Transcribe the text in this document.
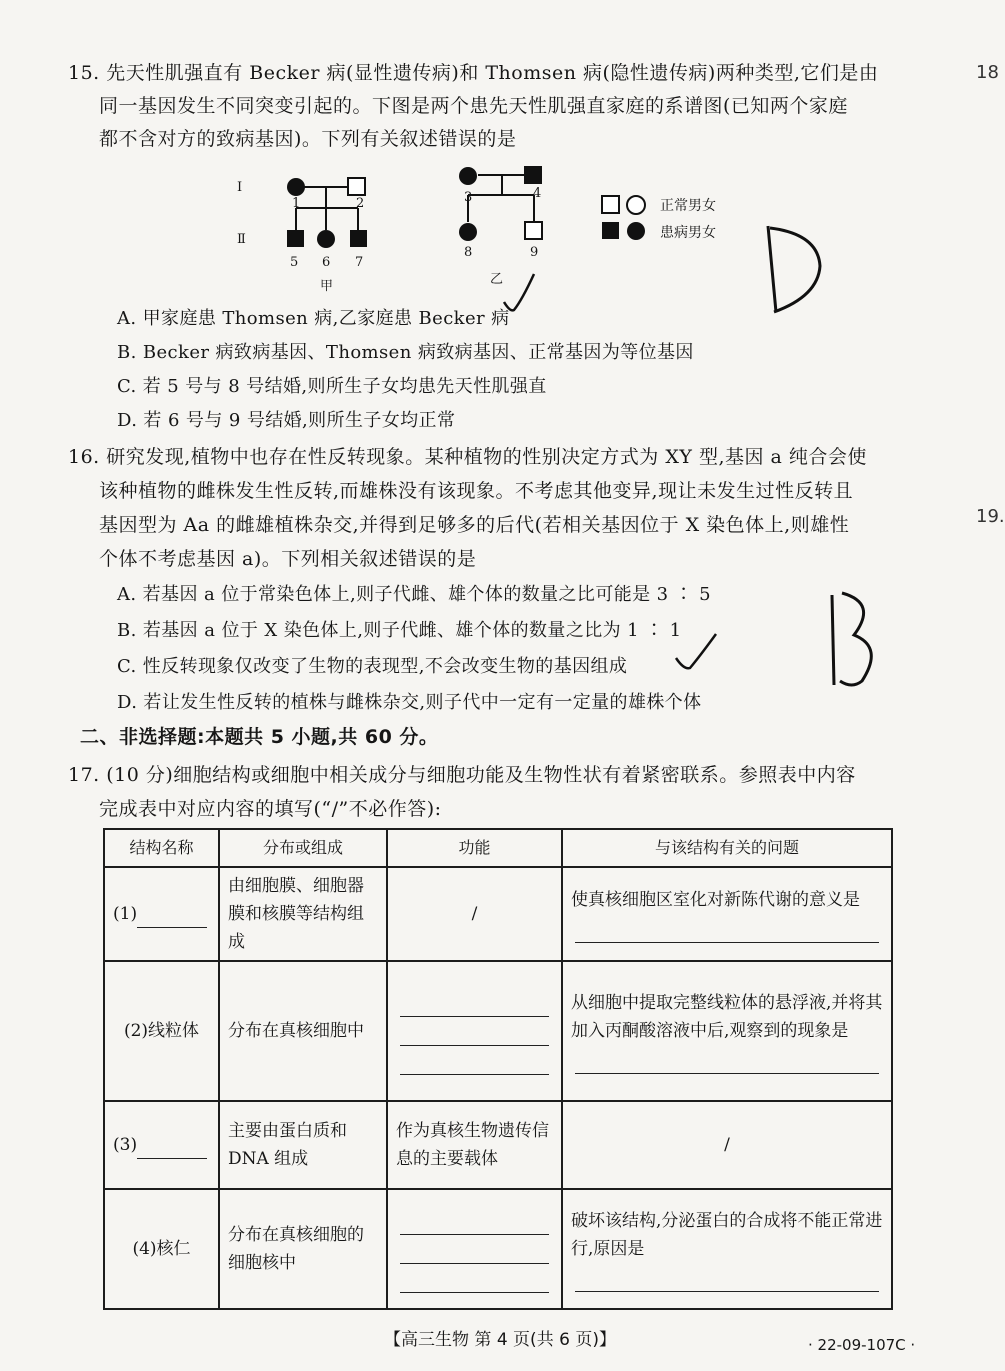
18
19.
15. 先天性肌强直有 Becker 病(显性遗传病)和 Thomsen 病(隐性遗传病)两种类型,它们是由
同一基因发生不同突变引起的。下图是两个患先天性肌强直家庭的系谱图(已知两个家庭
都不含对方的致病基因)。下列有关叙述错误的是
Ⅰ
Ⅱ
1	2	3	4
5 6 7
8	9
甲	乙
正常男女
患病男女
A. 甲家庭患 Thomsen 病,乙家庭患 Becker 病
B. Becker 病致病基因、Thomsen 病致病基因、正常基因为等位基因
C. 若 5 号与 8 号结婚,则所生子女均患先天性肌强直
D. 若 6 号与 9 号结婚,则所生子女均正常
16. 研究发现,植物中也存在性反转现象。某种植物的性别决定方式为 XY 型,基因 a 纯合会使
该种植物的雌株发生性反转,而雄株没有该现象。不考虑其他变异,现让未发生过性反转且
基因型为 Aa 的雌雄植株杂交,并得到足够多的后代(若相关基因位于 X 染色体上,则雄性
个体不考虑基因 a)。下列相关叙述错误的是
A. 若基因 a 位于常染色体上,则子代雌、雄个体的数量之比可能是 3 ∶ 5
B. 若基因 a 位于 X 染色体上,则子代雌、雄个体的数量之比为 1 ∶ 1
C. 性反转现象仅改变了生物的表现型,不会改变生物的基因组成
D. 若让发生性反转的植株与雌株杂交,则子代中一定有一定量的雄株个体
二、非选择题:本题共 5 小题,共 60 分。
17. (10 分)细胞结构或细胞中相关成分与细胞功能及生物性状有着紧密联系。参照表中内容
完成表中对应内容的填写(“/”不必作答):
结构名称	分布或组成	功能	与该结构有关的问题
(1)	由细胞膜、细胞器膜和核膜等结构组成	/	使真核细胞区室化对新陈代谢的意义是

(2)线粒体	分布在真核细胞中		从细胞中提取完整线粒体的悬浮液,并将其加入丙酮酸溶液中后,观察到的现象是

(3)	主要由蛋白质和 DNA 组成	作为真核生物遗传信息的主要载体	/
(4)核仁	分布在真核细胞的细胞核中		破坏该结构,分泌蛋白的合成将不能正常进行,原因是
【高三生物 第 4 页(共 6 页)】	· 22-09-107C ·
